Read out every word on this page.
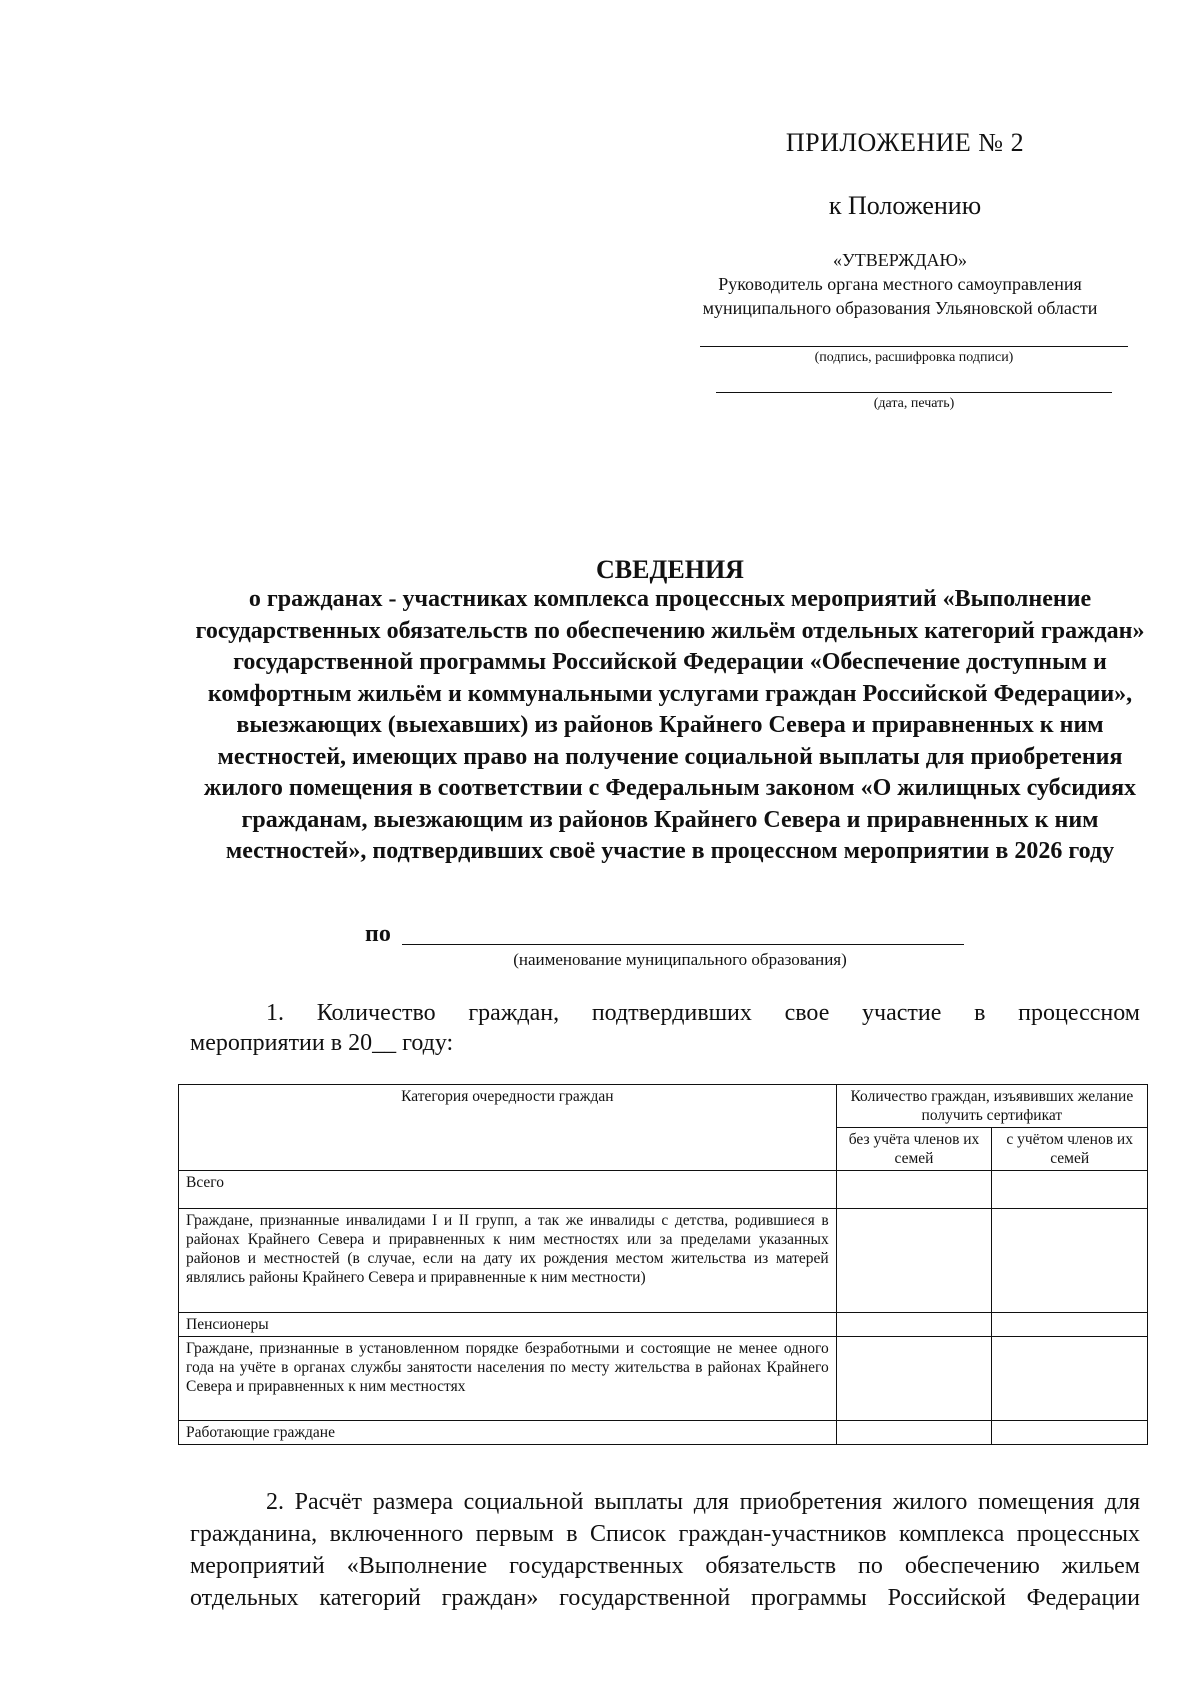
ПРИЛОЖЕНИЕ № 2
к Положению
«УТВЕРЖДАЮ»
Руководитель органа местного самоуправления
муниципального образования Ульяновской области
(подпись, расшифровка подписи)
(дата, печать)
СВЕДЕНИЯ
о гражданах - участниках комплекса процессных мероприятий «Выполнение государственных обязательств по обеспечению жильём отдельных категорий граждан» государственной программы Российской Федерации «Обеспечение доступным и комфортным жильём и коммунальными услугами граждан Российской Федерации», выезжающих (выехавших) из районов Крайнего Севера и приравненных к ним местностей, имеющих право на получение социальной выплаты для приобретения жилого помещения в соответствии с Федеральным законом «О жилищных субсидиях гражданам, выезжающим из районов Крайнего Севера и приравненных к ним местностей», подтвердивших своё участие в процессном мероприятии в 2026 году
по
(наименование муниципального образования)
1. Количество граждан, подтвердивших свое участие в процессном
мероприятии в 20__ году:
Категория очередности граждан	Количество граждан, изъявивших желание получить сертификат	
	без учёта членов их семей	с учётом членов их семей
Всего		
Граждане, признанные инвалидами I и II групп, а так же инвалиды с детства, родившиеся в районах Крайнего Севера и приравненных к ним местностях или за пределами указанных районов и местностей (в случае, если на дату их рождения местом жительства из матерей являлись районы Крайнего Севера и приравненные к ним местности)		
Пенсионеры		
Граждане, признанные в установленном порядке безработными и состоящие не менее одного года на учёте в органах службы занятости населения по месту жительства в районах Крайнего Севера и приравненных к ним местностях		
Работающие граждане		
2. Расчёт размера социальной выплаты для приобретения жилого помещения для гражданина, включенного первым в Список граждан-участников комплекса процессных мероприятий «Выполнение государственных обязательств по обеспечению жильем отдельных категорий граждан» государственной программы Российской Федерации
